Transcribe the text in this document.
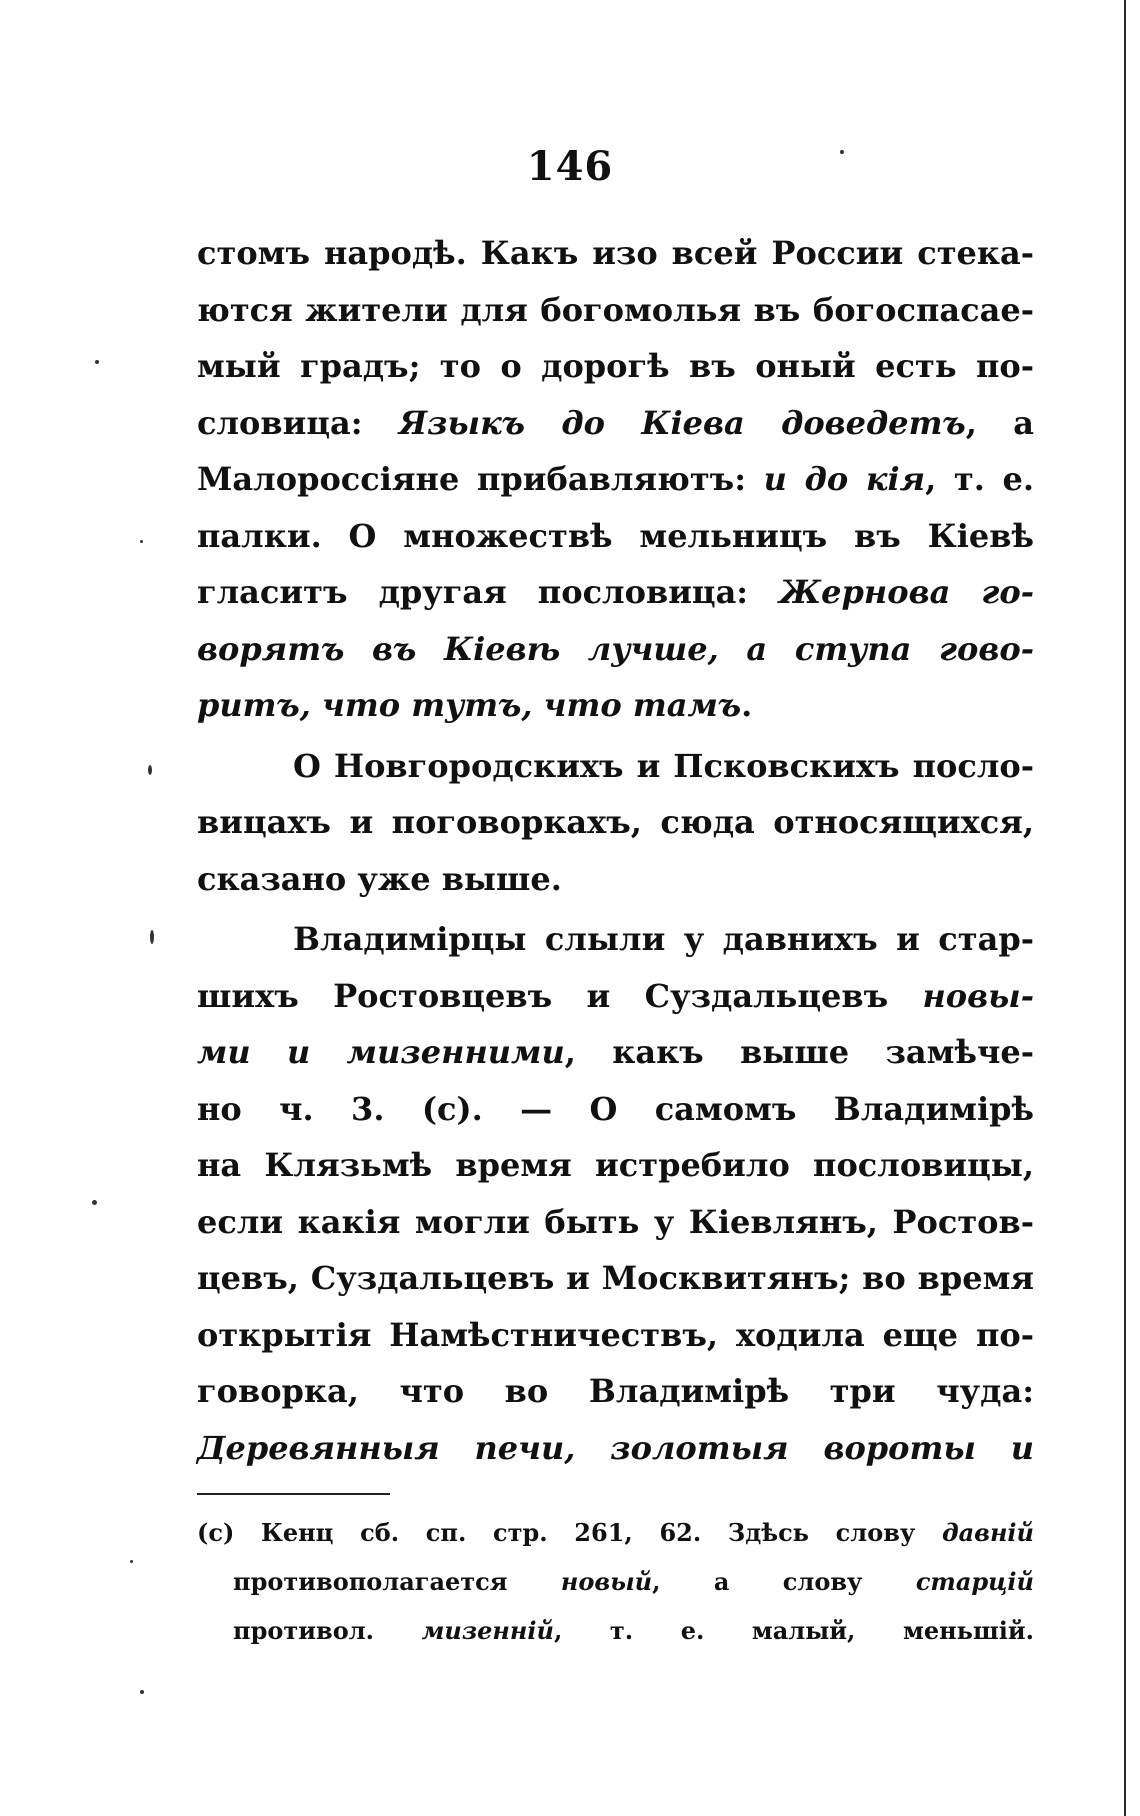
146
стомъ народѣ. Какъ изо всей России стека-
ются жители для богомолья въ богоспасае-
мый градъ; то о дорогѣ въ оный есть по-
словица: Языкъ до Кіева доведетъ, а
Малороссіяне прибавляютъ: и до кія, т. е.
палки. О множествѣ мельницъ въ Кіевѣ
гласитъ другая пословица: Жернова го-
ворятъ въ Кіевѣ лучше, а ступа гово-
ритъ, что тутъ, что тамъ.
О Новгородскихъ и Псковскихъ посло-
вицахъ и поговоркахъ, сюда относящихся,
сказано уже выше.
Владимірцы слыли у давнихъ и стар-
шихъ Ростовцевъ и Суздальцевъ новы-
ми и мизенними, какъ выше замѣче-
но ч. 3. (c). — О самомъ Владимірѣ
на Клязьмѣ время истребило пословицы,
если какія могли быть у Кіевлянъ, Ростов-
цевъ, Суздальцевъ и Москвитянъ; во время
открытія Намѣстничествъ, ходила еще по-
говорка, что во Владимірѣ три чуда:
Деревянныя печи, золотыя вороты и
(c) Кенц сб. сп. стр. 261, 62. Здѣсь слову давній
противополагается новый, а слову старцій
противол. мизенній, т. е. малый, меньшій.
